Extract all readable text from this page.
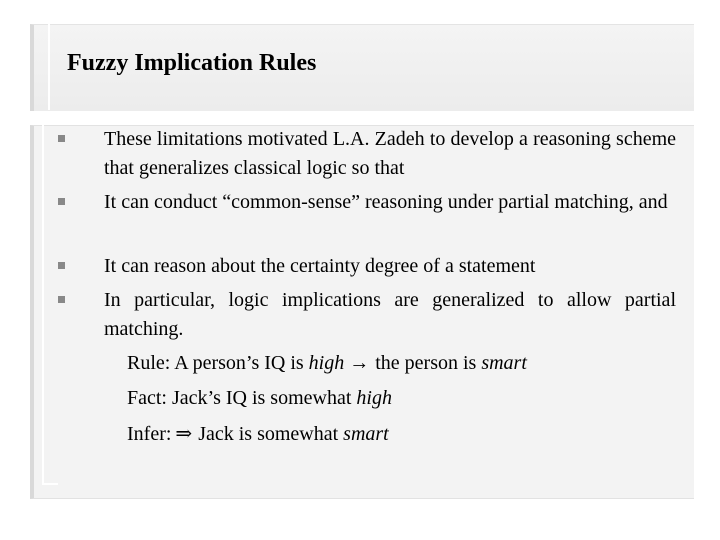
Fuzzy Implication Rules
These limitations motivated L.A. Zadeh to develop a reasoning scheme that generalizes classical logic so that
It can conduct “common-sense” reasoning under partial matching, and
It can reason about the certainty degree of a statement
In particular, logic implications are generalized to allow partial matching.
Rule: A person’s IQ is high → the person is smart
Fact: Jack’s IQ is somewhat high
Infer: ⇒ Jack is somewhat smart
